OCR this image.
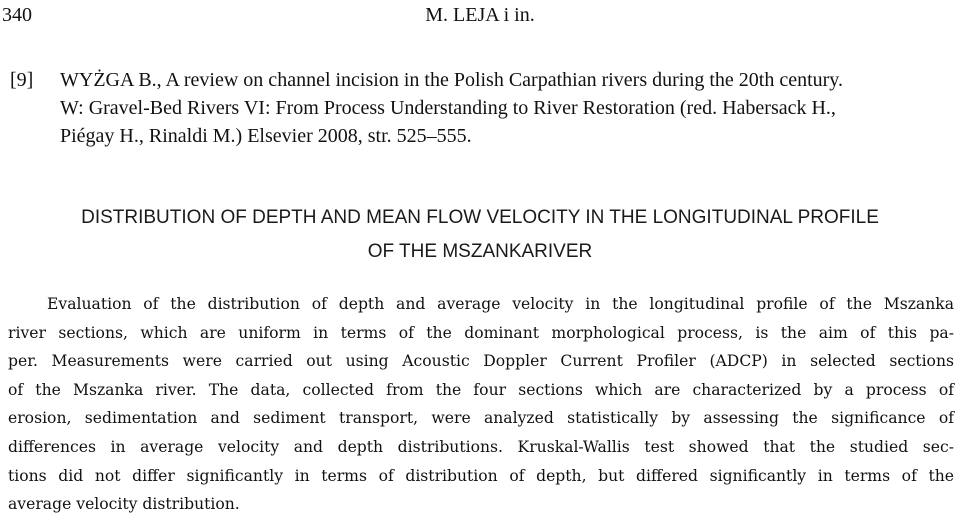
340	M. LEJA i in.
[9] WYŻGA B., A review on channel incision in the Polish Carpathian rivers during the 20th century.
W: Gravel-Bed Rivers VI: From Process Understanding to River Restoration (red. Habersack H.,
Piégay H., Rinaldi M.) Elsevier 2008, str. 525–555.
DISTRIBUTION OF DEPTH AND MEAN FLOW VELOCITY IN THE LONGITUDINAL PROFILE
OF THE MSZANKARIVER
Evaluation of the distribution of depth and average velocity in the longitudinal profile of the Mszanka
river sections, which are uniform in terms of the dominant morphological process, is the aim of this pa-
per. Measurements were carried out using Acoustic Doppler Current Profiler (ADCP) in selected sections
of the Mszanka river. The data, collected from the four sections which are characterized by a process of
erosion, sedimentation and sediment transport, were analyzed statistically by assessing the significance of
differences in average velocity and depth distributions. Kruskal-Wallis test showed that the studied sec-
tions did not differ significantly in terms of distribution of depth, but differed significantly in terms of the
average velocity distribution.
